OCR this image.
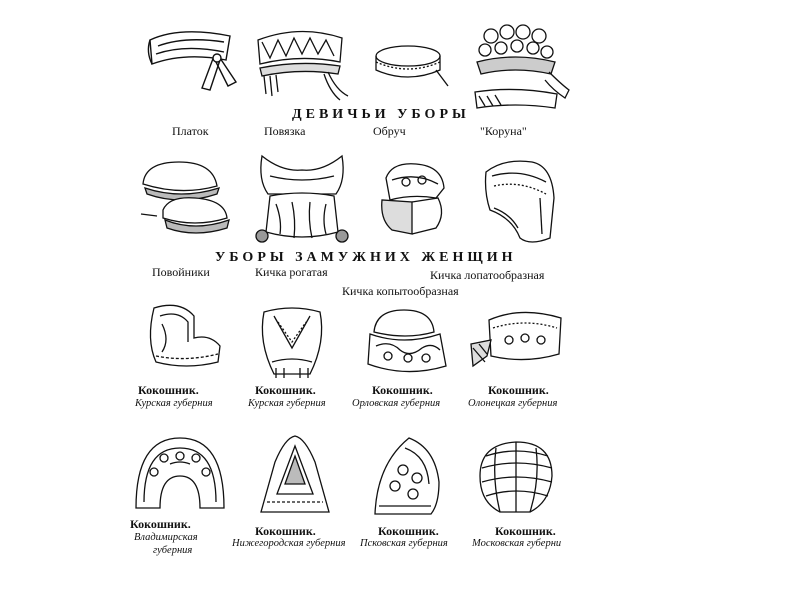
ДЕВИЧЬИ УБОРЫ
Платок	Повязка	Обруч	"Коруна"
УБОРЫ ЗАМУЖНИХ ЖЕНЩИН
Повойники	Кичка рогатая	Кичка лопатообразная
Кичка копытообразная
Кокошник.
Курская губерния
Кокошник.
Курская губерния
Кокошник.
Орловская губерния
Кокошник.
Олонецкая губерния
Кокошник.
Владимирская
губерния
Кокошник.
Нижегородская губерния
Кокошник.
Псковская губерния
Кокошник.
Московская губерни
